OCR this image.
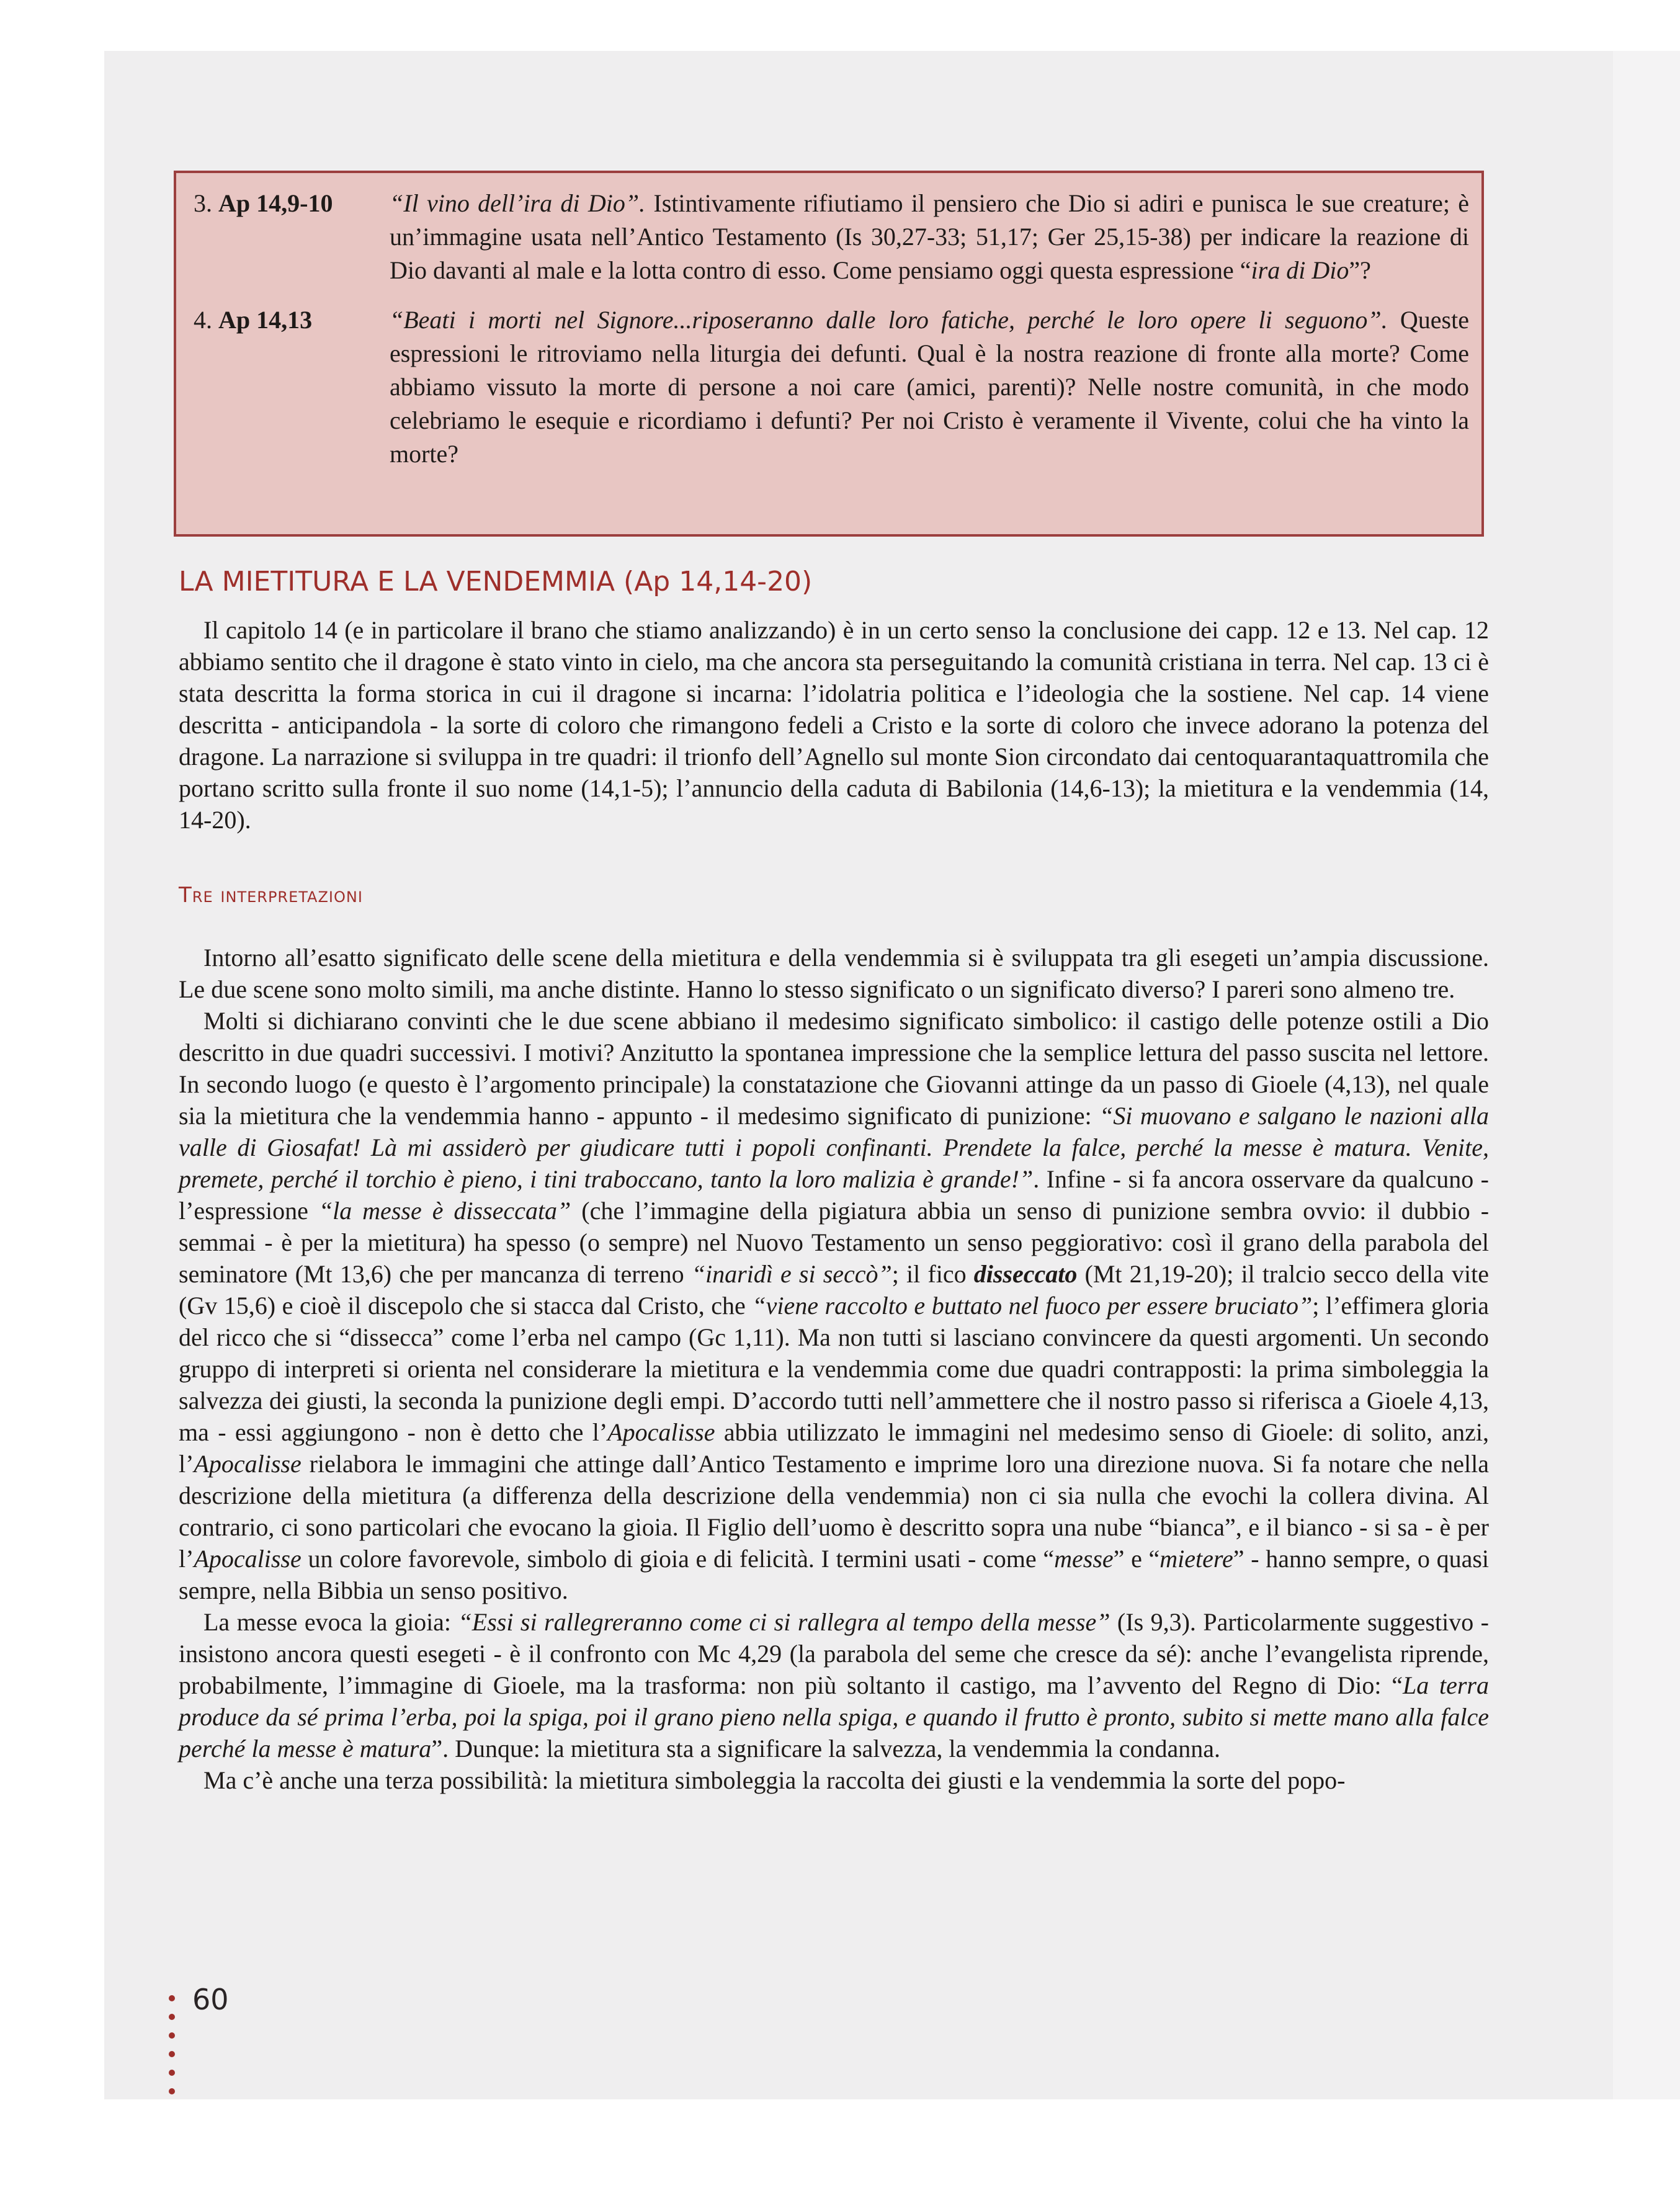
3. Ap 14,9-10	“Il vino dell’ira di Dio”. Istintivamente rifiutiamo il pensiero che Dio si adiri e punisca le sue creature; è un’immagine usata nell’Antico Testamento (Is 30,27-33; 51,17; Ger 25,15-38) per indicare la reazione di Dio davanti al male e la lotta contro di esso. Come pensiamo oggi questa espressione “ira di Dio”?
4. Ap 14,13	“Beati i morti nel Signore...riposeranno dalle loro fatiche, perché le loro opere li seguono”. Queste espressioni le ritroviamo nella liturgia dei defunti. Qual è la nostra reazione di fronte alla morte? Come abbiamo vissuto la morte di persone a noi care (amici, parenti)? Nelle nostre comunità, in che modo celebriamo le esequie e ricordiamo i defunti? Per noi Cristo è veramente il Vivente, colui che ha vinto la morte?
LA MIETITURA E LA VENDEMMIA (Ap 14,14-20)

Il capitolo 14 (e in particolare il brano che stiamo analizzando) è in un certo senso la conclusione dei capp. 12 e 13. Nel cap. 12 abbiamo sentito che il dragone è stato vinto in cielo, ma che ancora sta perseguitando la comunità cristiana in terra. Nel cap. 13 ci è stata descritta la forma storica in cui il dragone si incarna: l’idolatria politica e l’ideologia che la sostiene. Nel cap. 14 viene descritta - anticipandola - la sorte di coloro che rimangono fedeli a Cristo e la sorte di coloro che invece adorano la potenza del dragone. La narrazione si sviluppa in tre quadri: il trionfo dell’Agnello sul monte Sion circondato dai centoquarantaquattromila che portano scritto sulla fronte il suo nome (14,1-5); l’annuncio della caduta di Babilonia (14,6-13); la mietitura e la vendemmia (14, 14-20).

Tre interpretazioni

Intorno all’esatto significato delle scene della mietitura e della vendemmia si è sviluppata tra gli esegeti un’ampia discussione. Le due scene sono molto simili, ma anche distinte. Hanno lo stesso significato o un significato diverso? I pareri sono almeno tre.

Molti si dichiarano convinti che le due scene abbiano il medesimo significato simbolico: il castigo delle potenze ostili a Dio descritto in due quadri successivi. I motivi? Anzitutto la spontanea impressione che la semplice lettura del passo suscita nel lettore. In secondo luogo (e questo è l’argomento principale) la constatazione che Giovanni attinge da un passo di Gioele (4,13), nel quale sia la mietitura che la vendemmia hanno - appunto - il medesimo significato di punizione: “Si muovano e salgano le nazioni alla valle di Giosafat! Là mi assiderò per giudicare tutti i popoli confinanti. Prendete la falce, perché la messe è matura. Venite, premete, perché il torchio è pieno, i tini traboccano, tanto la loro malizia è grande!”. Infine - si fa ancora osservare da qualcuno - l’espressione “la messe è disseccata” (che l’immagine della pigiatura abbia un senso di punizione sembra ovvio: il dubbio - semmai - è per la mietitura) ha spesso (o sempre) nel Nuovo Testamento un senso peggiorativo: così il grano della parabola del seminatore (Mt 13,6) che per mancanza di terreno “inaridì e si seccò”; il fico disseccato (Mt 21,19-20); il tralcio secco della vite (Gv 15,6) e cioè il discepolo che si stacca dal Cristo, che “viene raccolto e buttato nel fuoco per essere bruciato”; l’effimera gloria del ricco che si “dissecca” come l’erba nel campo (Gc 1,11). Ma non tutti si lasciano convincere da questi argomenti. Un secondo gruppo di interpreti si orienta nel considerare la mietitura e la vendemmia come due quadri contrapposti: la prima simboleggia la salvezza dei giusti, la seconda la punizione degli empi. D’accordo tutti nell’ammettere che il nostro passo si riferisca a Gioele 4,13, ma - essi aggiungono - non è detto che l’Apocalisse abbia utilizzato le immagini nel medesimo senso di Gioele: di solito, anzi, l’Apocalisse rielabora le immagini che attinge dall’Antico Testamento e imprime loro una direzione nuova. Si fa notare che nella descrizione della mietitura (a differenza della descrizione della vendemmia) non ci sia nulla che evochi la collera divina. Al contrario, ci sono particolari che evocano la gioia. Il Figlio dell’uomo è descritto sopra una nube “bianca”, e il bianco - si sa - è per l’Apocalisse un colore favorevole, simbolo di gioia e di felicità. I termini usati - come “messe” e “mietere” - hanno sempre, o quasi sempre, nella Bibbia un senso positivo.

La messe evoca la gioia: “Essi si rallegreranno come ci si rallegra al tempo della messe” (Is 9,3). Particolarmente suggestivo - insistono ancora questi esegeti - è il confronto con Mc 4,29 (la parabola del seme che cresce da sé): anche l’evangelista riprende, probabilmente, l’immagine di Gioele, ma la trasforma: non più soltanto il castigo, ma l’avvento del Regno di Dio: “La terra produce da sé prima l’erba, poi la spiga, poi il grano pieno nella spiga, e quando il frutto è pronto, subito si mette mano alla falce perché la messe è matura”. Dunque: la mietitura sta a significare la salvezza, la vendemmia la condanna.

Ma c’è anche una terza possibilità: la mietitura simboleggia la raccolta dei giusti e la vendemmia la sorte del popo-

60
